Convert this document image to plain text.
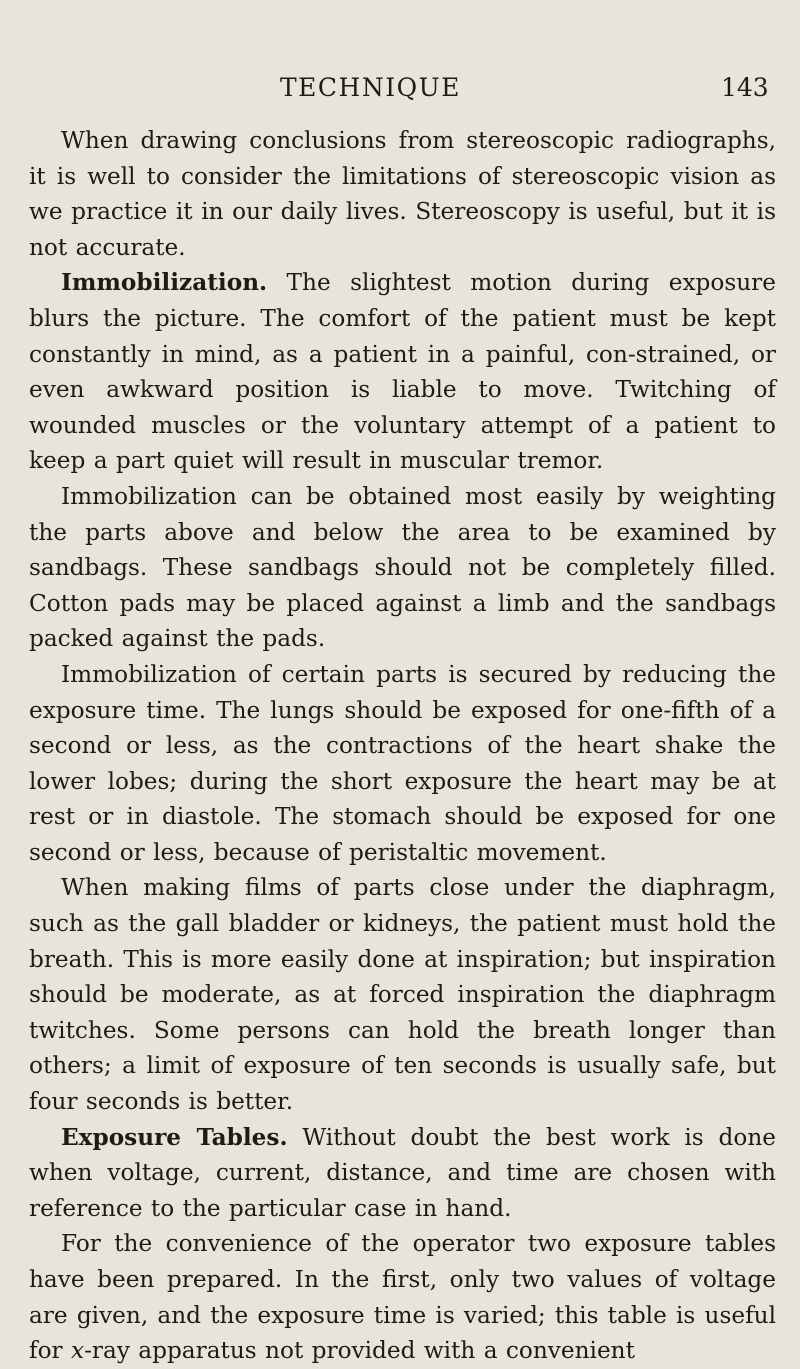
TECHNIQUE	143

When drawing conclusions from stereoscopic radiographs, it is well to consider the limitations of stereoscopic vision as we practice it in our daily lives. Stereoscopy is useful, but it is not accurate.

Immobilization. The slightest motion during exposure blurs the picture. The comfort of the patient must be kept constantly in mind, as a patient in a painful, con-strained, or even awkward position is liable to move. Twitching of wounded muscles or the voluntary attempt of a patient to keep a part quiet will result in muscular tremor.

Immobilization can be obtained most easily by weighting the parts above and below the area to be examined by sandbags. These sandbags should not be completely filled. Cotton pads may be placed against a limb and the sandbags packed against the pads.

Immobilization of certain parts is secured by reducing the exposure time. The lungs should be exposed for one-fifth of a second or less, as the contractions of the heart shake the lower lobes; during the short exposure the heart may be at rest or in diastole. The stomach should be exposed for one second or less, because of peristaltic movement.

When making films of parts close under the diaphragm, such as the gall bladder or kidneys, the patient must hold the breath. This is more easily done at inspiration; but inspiration should be moderate, as at forced inspiration the diaphragm twitches. Some persons can hold the breath longer than others; a limit of exposure of ten seconds is usually safe, but four seconds is better.

Exposure Tables. Without doubt the best work is done when voltage, current, distance, and time are chosen with reference to the particular case in hand.

For the convenience of the operator two exposure tables have been prepared. In the first, only two values of voltage are given, and the exposure time is varied; this table is useful for x-ray apparatus not provided with a convenient
